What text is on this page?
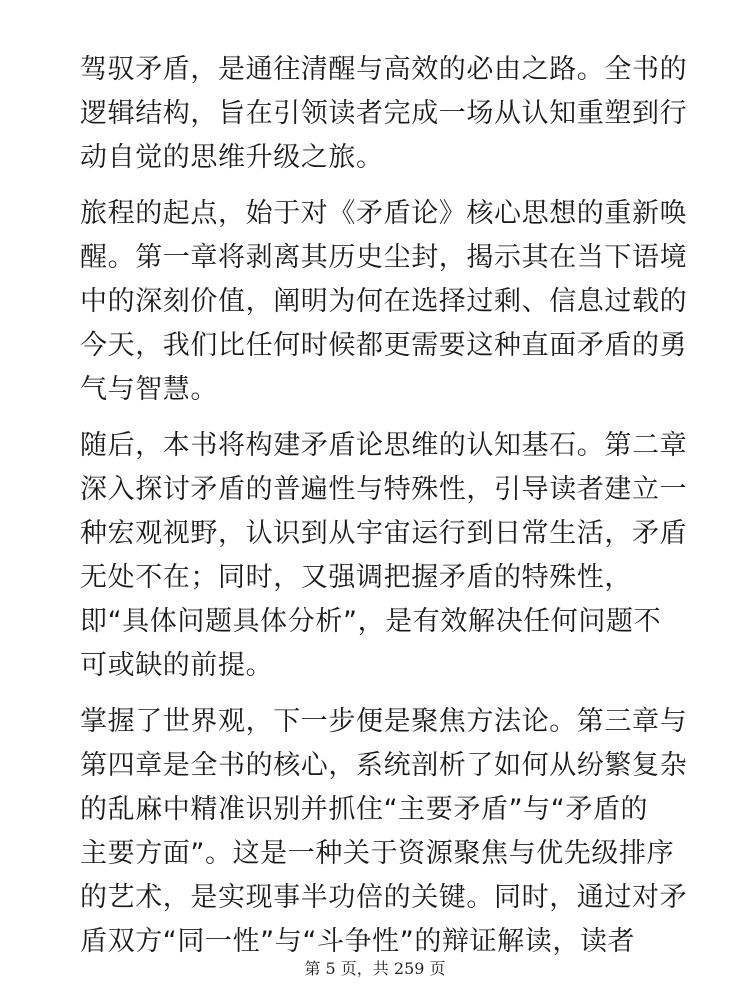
驾驭矛盾，是通往清醒与高效的必由之路。全书的
逻辑结构，旨在引领读者完成一场从认知重塑到行
动自觉的思维升级之旅。
旅程的起点，始于对《矛盾论》核心思想的重新唤
醒。第一章将剥离其历史尘封，揭示其在当下语境
中的深刻价值，阐明为何在选择过剩、信息过载的
今天，我们比任何时候都更需要这种直面矛盾的勇
气与智慧。
随后，本书将构建矛盾论思维的认知基石。第二章
深入探讨矛盾的普遍性与特殊性，引导读者建立一
种宏观视野，认识到从宇宙运行到日常生活，矛盾
无处不在；同时，又强调把握矛盾的特殊性，
即“具体问题具体分析”，是有效解决任何问题不
可或缺的前提。
掌握了世界观，下一步便是聚焦方法论。第三章与
第四章是全书的核心，系统剖析了如何从纷繁复杂
的乱麻中精准识别并抓住“主要矛盾”与“矛盾的
主要方面”。这是一种关于资源聚焦与优先级排序
的艺术，是实现事半功倍的关键。同时，通过对矛
盾双方“同一性”与“斗争性”的辩证解读，读者
第 5 页，共 259 页
